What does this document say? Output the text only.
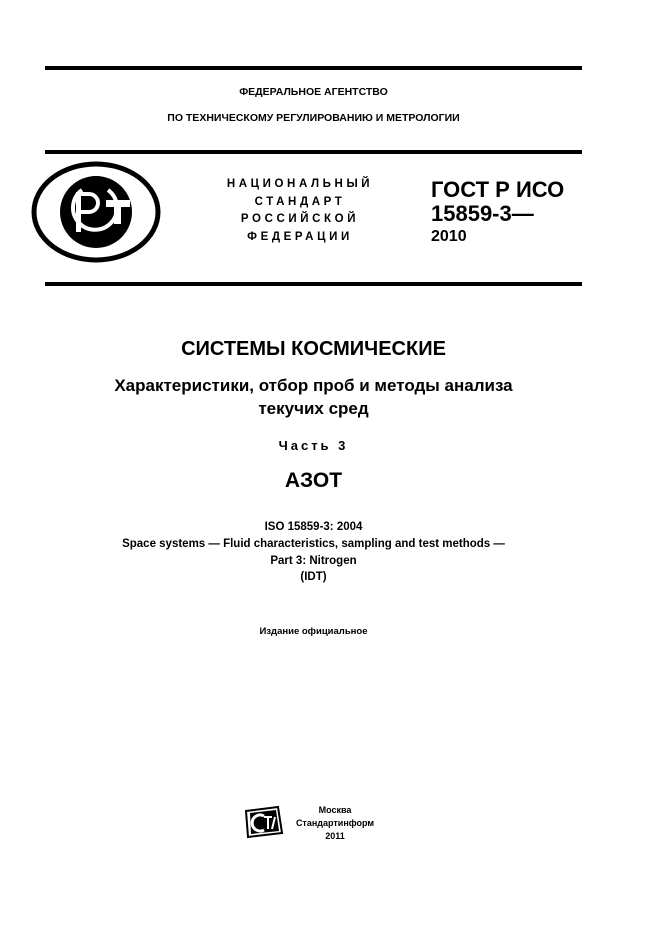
ФЕДЕРАЛЬНОЕ АГЕНТСТВО
ПО ТЕХНИЧЕСКОМУ РЕГУЛИРОВАНИЮ И МЕТРОЛОГИИ
НАЦИОНАЛЬНЫЙ
СТАНДАРТ
РОССИЙСКОЙ
ФЕДЕРАЦИИ
ГОСТ Р ИСО
15859-3—
2010
СИСТЕМЫ КОСМИЧЕСКИЕ
Характеристики, отбор проб и методы анализа
текучих сред
Часть 3
АЗОТ
ISO 15859-3: 2004
Space systems — Fluid characteristics, sampling and test methods —
Part 3: Nitrogen
(IDT)
Издание официальное
Москва
Стандартинформ
2011
